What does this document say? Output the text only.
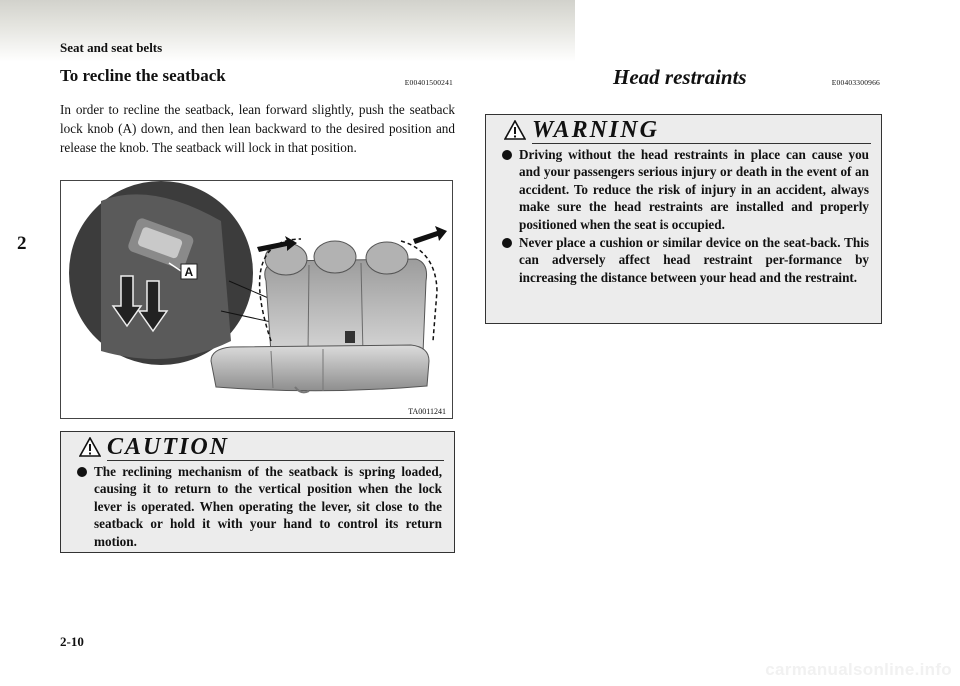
Seat and seat belts
2
To recline the seatback	E00401500241
In order to recline the seatback, lean forward slightly, push the seatback lock knob (A) down, and then lean backward to the desired position and release the knob. The seatback will lock in that position.
A
TA0011241
CAUTION
The reclining mechanism of the seatback is spring loaded, causing it to return to the vertical position when the lock lever is operated. When operating the lever, sit close to the seatback or hold it with your hand to control its return motion.
Head restraints	E00403300966
WARNING
Driving without the head restraints in place can cause you and your passengers serious injury or death in the event of an accident. To reduce the risk of injury in an accident, always make sure the head restraints are installed and properly positioned when the seat is occupied.
Never place a cushion or similar device on the seat-back. This can adversely affect head restraint per-formance by increasing the distance between your head and the restraint.
2-10
carmanualsonline.info
